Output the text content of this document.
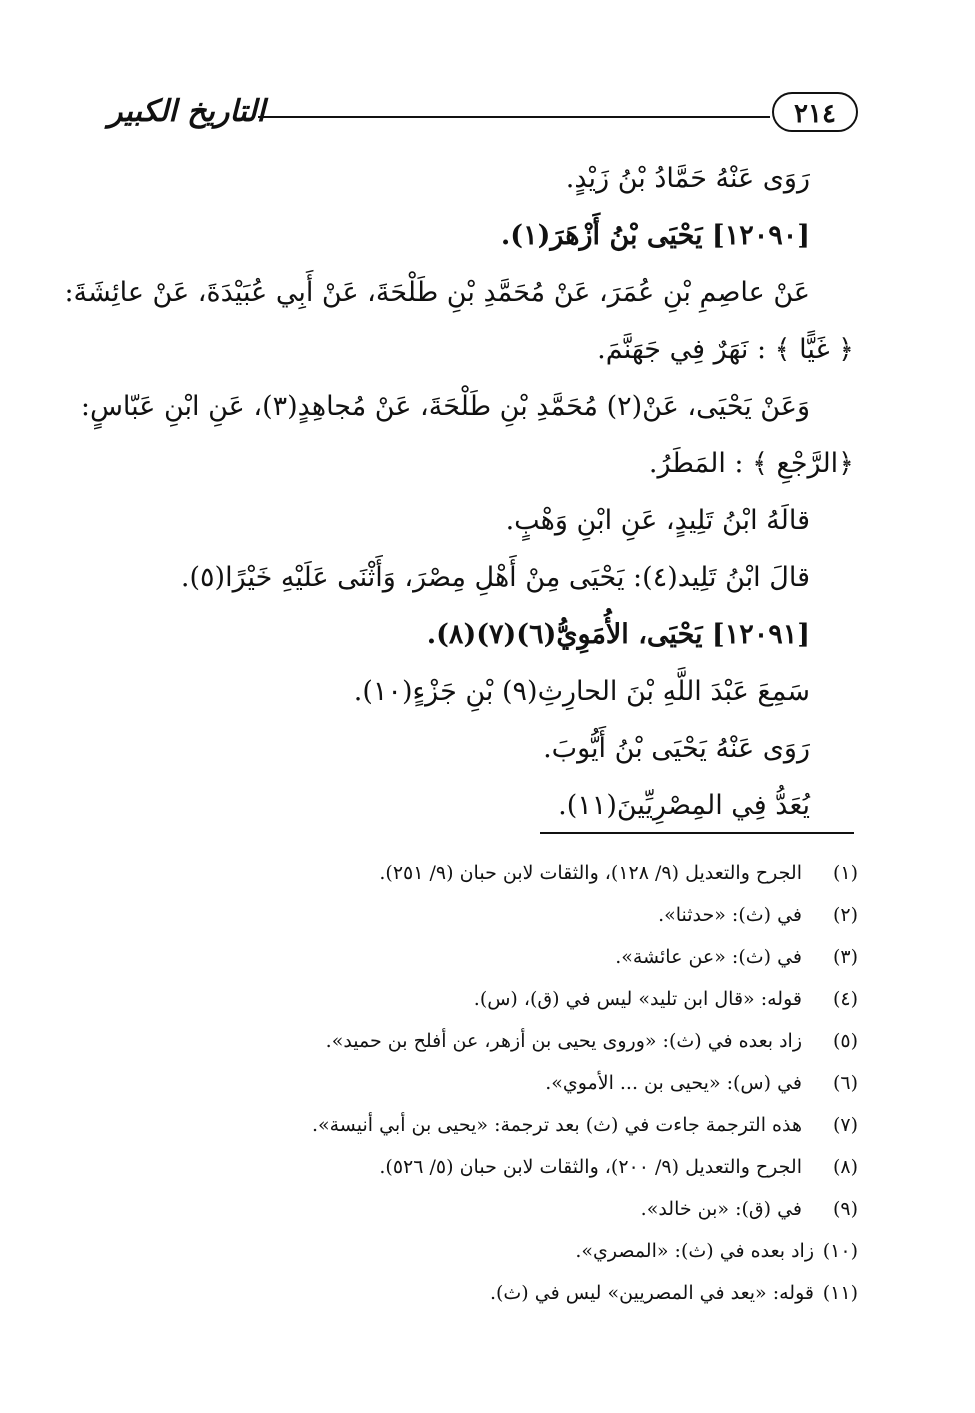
التاريخ الكبير	٢١٤
رَوَى عَنْهُ حَمَّادُ بْنُ زَيْدٍ.
[١٢٠٩٠] يَحْيَى بْنُ أَزْهَرَ(١).
عَنْ عاصِمِ بْنِ عُمَرَ، عَنْ مُحَمَّدِ بْنِ طَلْحَةَ، عَنْ أَبِي عُبَيْدَةَ، عَنْ عائِشَةَ:
﴿ غَيًّا ﴾ : نَهَرٌ فِي جَهَنَّمَ.
وَعَنْ يَحْيَى، عَنْ(٢) مُحَمَّدِ بْنِ طَلْحَةَ، عَنْ مُجاهِدٍ(٣)، عَنِ ابْنِ عَبّاسٍ:
﴿الرَّجْعِ ﴾ : المَطَرُ.
قالَهُ ابْنُ تَلِيدٍ، عَنِ ابْنِ وَهْبٍ.
قالَ ابْنُ تَلِيد(٤): يَحْيَى مِنْ أَهْلِ مِصْرَ، وَأَثْنَى عَلَيْهِ خَيْرًا(٥).
[١٢٠٩١] يَحْيَى، الأُمَوِيُّ(٦)(٧)(٨).
سَمِعَ عَبْدَ اللَّهِ بْنَ الحارِثِ(٩) بْنِ جَزْءٍ(١٠).
رَوَى عَنْهُ يَحْيَى بْنُ أَيُّوبَ.
يُعَدُّ فِي المِصْرِيِّينَ(١١).
(١)الجرح والتعديل (٩/ ١٢٨)، والثقات لابن حبان (٩/ ٢٥١).
(٢)في (ث): «حدثنا».
(٣)في (ث): «عن عائشة».
(٤)قوله: «قال ابن تليد» ليس في (ق)، (س).
(٥)زاد بعده في (ث): «وروى يحيى بن أزهر، عن أفلح بن حميد».
(٦)في (س): «يحيى بن ... الأموي».
(٧)هذه الترجمة جاءت في (ث) بعد ترجمة: «يحيى بن أبي أنيسة».
(٨)الجرح والتعديل (٩/ ٢٠٠)، والثقات لابن حبان (٥/ ٥٢٦).
(٩)في (ق): «بن خالد».
(١٠)زاد بعده في (ث): «المصري».
(١١)قوله: «يعد في المصريين» ليس في (ث).
